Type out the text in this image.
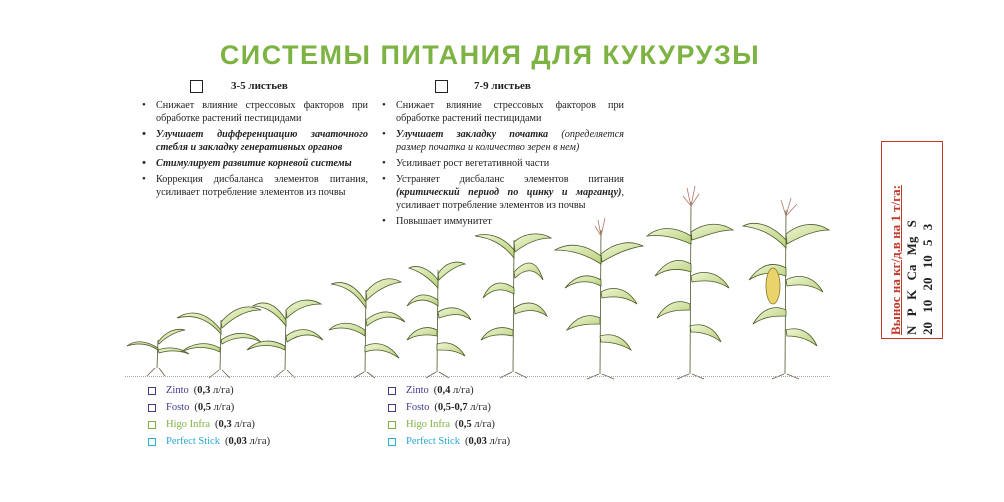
СИСТЕМЫ ПИТАНИЯ ДЛЯ КУКУРУЗЫ
3-5 листьев
• Снижает влияние стрессовых факторов при обработке растений пестицидами
• Улучшает дифференциацию зачаточного стебля и закладку генеративных органов
• Стимулирует развитие корневой системы
• Коррекция дисбаланса элементов питания, усиливает потребление элементов из почвы
7-9 листьев
• Снижает влияние стрессовых факторов при обработке растений пестицидами
• Улучшает закладку початка (определяется размер початка и количество зерен в нем)
• Усиливает рост вегетативной части
• Устраняет дисбаланс элементов питания (критический период по цинку и марганцу), усиливает потребление элементов из почвы
• Повышает иммунитет
Zinto (0,3 л/га)
Fosto (0,5 л/га)
Higo Infra (0,3 л/га)
Perfect Stick (0,03 л/га)
Zinto (0,4 л/га)
Fosto (0,5-0,7 л/га)
Higo Infra (0,5 л/га)
Perfect Stick (0,03 л/га)
Вынос на кг/д.в на 1 т/га: N P K Ca Mg S 20 10 20 10 5 3
